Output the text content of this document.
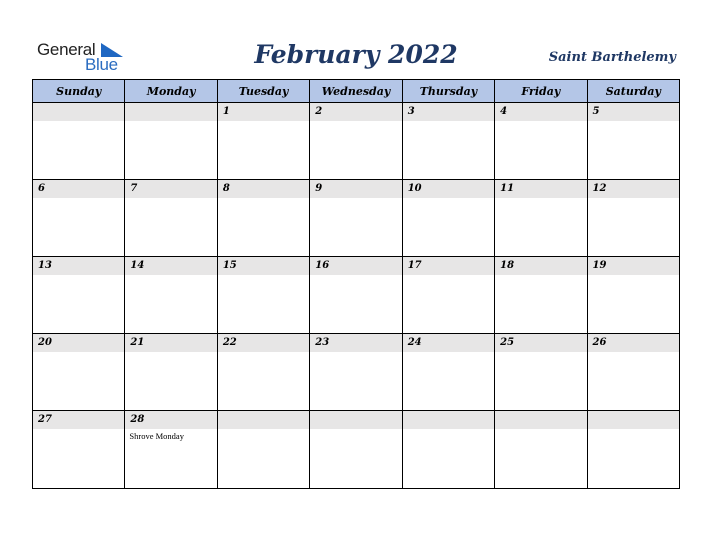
General
Blue	February 2022	Saint Barthelemy
Sunday	Monday	Tuesday	Wednesday	Thursday	Friday	Saturday

		1	2	3	4	5

6	7	8	9	10	11	12

13	14	15	16	17	18	19

20	21	22	23	24	25	26

27	28
Shrove Monday					
